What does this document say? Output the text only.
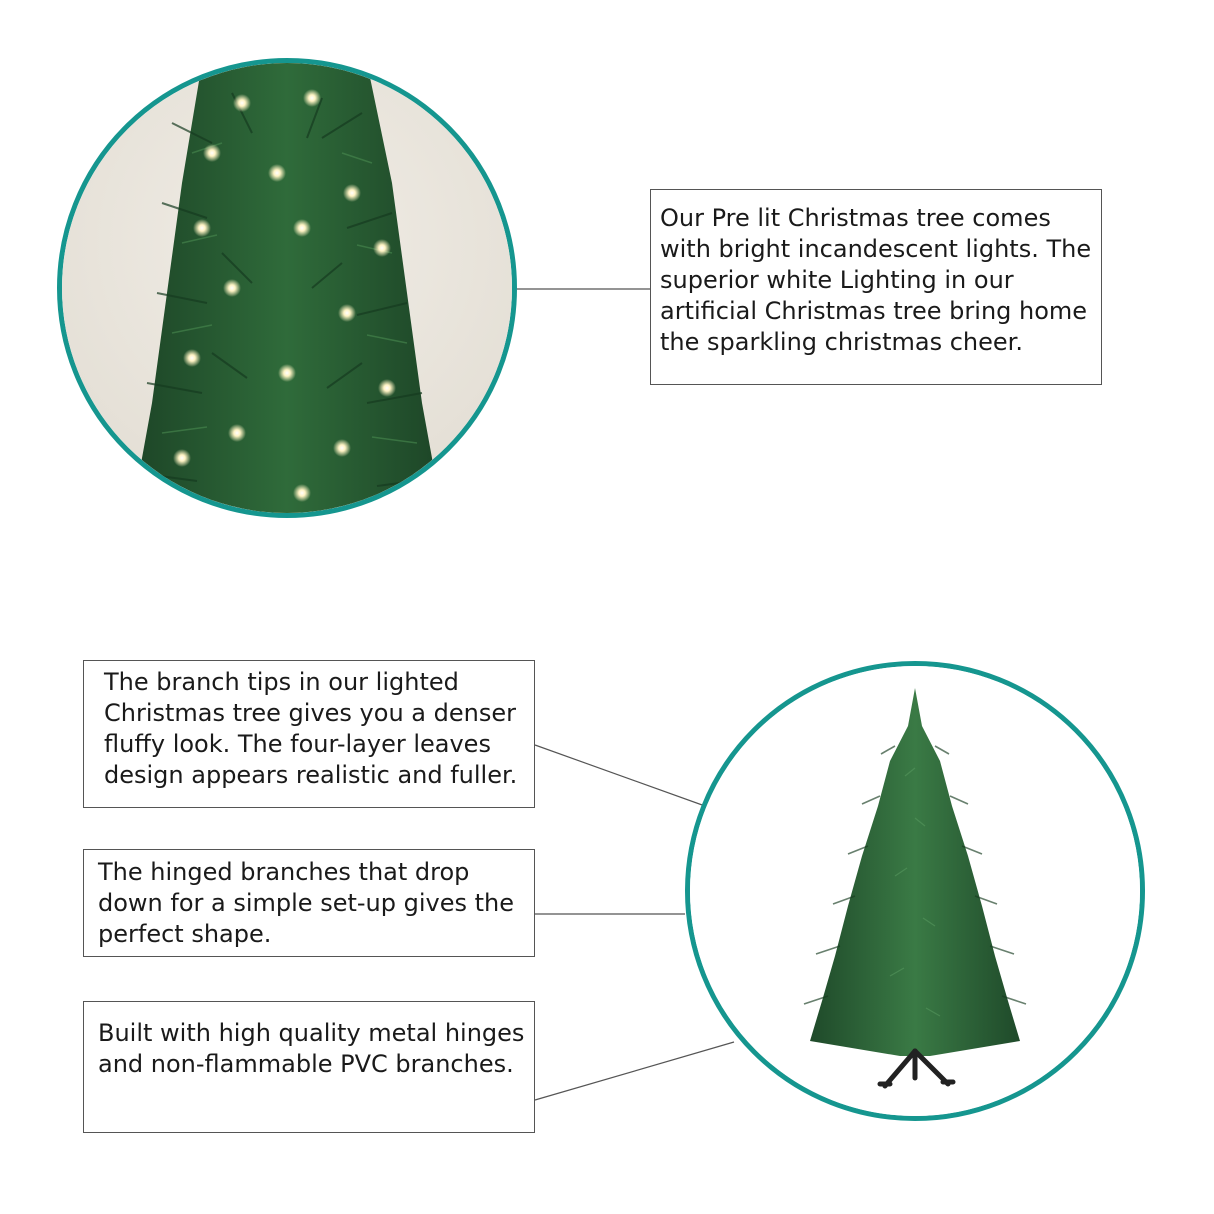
Our Pre lit Christmas tree comes with bright incandescent lights. The superior white Lighting in our artificial Christmas tree bring home the sparkling christmas cheer.

The branch tips in our lighted Christmas tree gives you a denser fluffy look. The four-layer leaves design appears realistic and fuller.

The hinged branches that drop down for a simple set-up gives the perfect shape.

Built with high quality metal hinges and non-flammable PVC branches.
